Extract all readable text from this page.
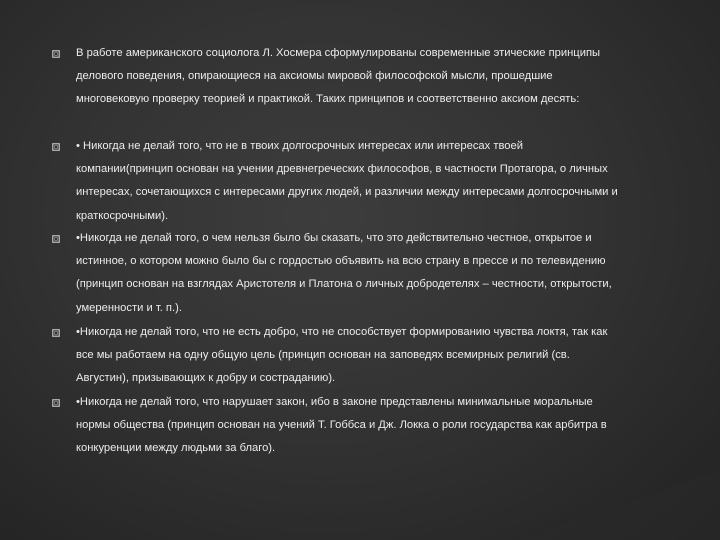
В работе американского социолога Л. Хосмера сформулированы современные этические принципы делового поведения, опирающиеся на аксиомы мировой философской мысли, прошедшие многовековую проверку теорией и практикой. Таких принципов и соответственно аксиом десять:
• Никогда не делай того, что не в твоих долгосрочных интересах или интересах твоей компании(принцип основан на учении древнегреческих философов, в частности Протагора, о личных интересах, сочетающихся с интересами других людей, и различии между интересами долгосрочными и краткосрочными).
•Никогда не делай того, о чем нельзя было бы сказать, что это действительно честное, открытое и истинное, о котором можно было бы с гордостью объявить на всю страну в прессе и по телевидению (принцип основан на взглядах Аристотеля и Платона о личных добродетелях – честности, открытости, умеренности и т. п.).
•Никогда не делай того, что не есть добро, что не способствует формированию чувства локтя, так как все мы работаем на одну общую цель (принцип основан на заповедях всемирных религий (св. Августин), призывающих к добру и состраданию).
•Никогда не делай того, что нарушает закон, ибо в законе представлены минимальные моральные нормы общества (принцип основан на учений Т. Гоббса и Дж. Локка о роли государства как арбитра в конкуренции между людьми за благо).
